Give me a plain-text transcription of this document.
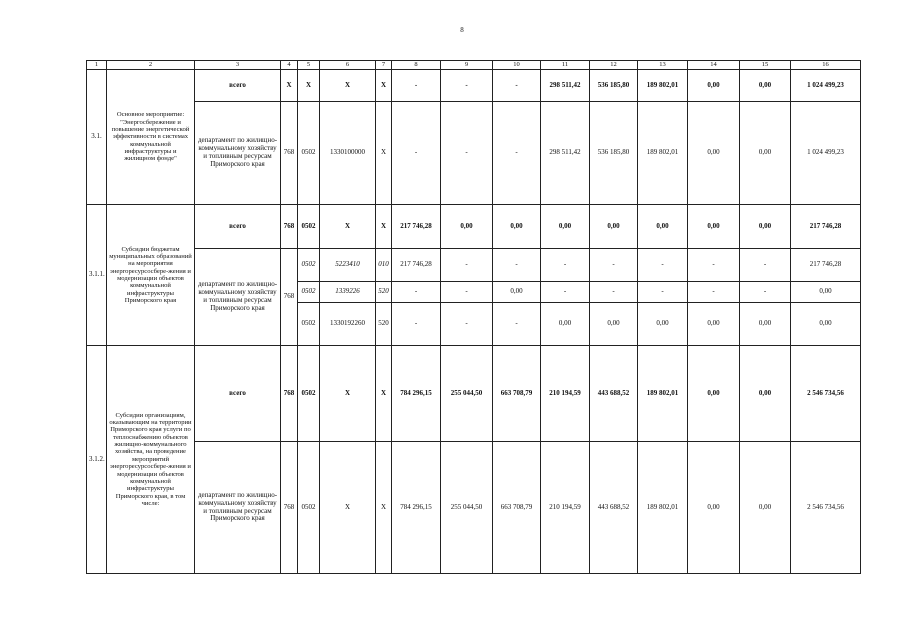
8
1	2	3	4	5	6	7	8	9	10	11	12	13	14	15	16
3.1.	Основное мероприятие: "Энергосбережение и повышение энергетической эффективности в системах коммунальной инфраструктуры и жилищном фонде"	всего	X	X	X	X	-	-	-	298 511,42	536 185,80	189 802,01	0,00	0,00	1 024 499,23
		департамент по жилищно-коммунальному хозяйству и топливным ресурсам Приморского края	768	0502	1330100000	X	-	-	-	298 511,42	536 185,80	189 802,01	0,00	0,00	1 024 499,23
3.1.1.	Субсидии бюджетам муниципальных образований на мероприятия энергоресурсосбере-жения и модернизации объектов коммунальной инфраструктуры Приморского края	всего	768	0502	X	X	217 746,28	0,00	0,00	0,00	0,00	0,00	0,00	0,00	217 746,28
		департамент по жилищно-коммунальному хозяйству и топливным ресурсам Приморского края	768	0502	5223410	010	217 746,28	-	-	-	-	-	-	-	217 746,28
				0502	1339226	520	-	-	0,00	-	-	-	-	-	0,00
				0502	1330192260	520	-	-	-	0,00	0,00	0,00	0,00	0,00	0,00
3.1.2.	Субсидии организациям, оказывающим на территории Приморского края услуги по теплоснабжению объектов жилищно-коммунального хозяйства, на проведение мероприятий энергоресурсосбере-жения и модернизации объектов коммунальной инфраструктуры Приморского края, в том числе:	всего	768	0502	X	X	784 296,15	255 044,50	663 708,79	210 194,59	443 688,52	189 802,01	0,00	0,00	2 546 734,56
		департамент по жилищно-коммунальному хозяйству и топливным ресурсам Приморского края	768	0502	X	X	784 296,15	255 044,50	663 708,79	210 194,59	443 688,52	189 802,01	0,00	0,00	2 546 734,56
